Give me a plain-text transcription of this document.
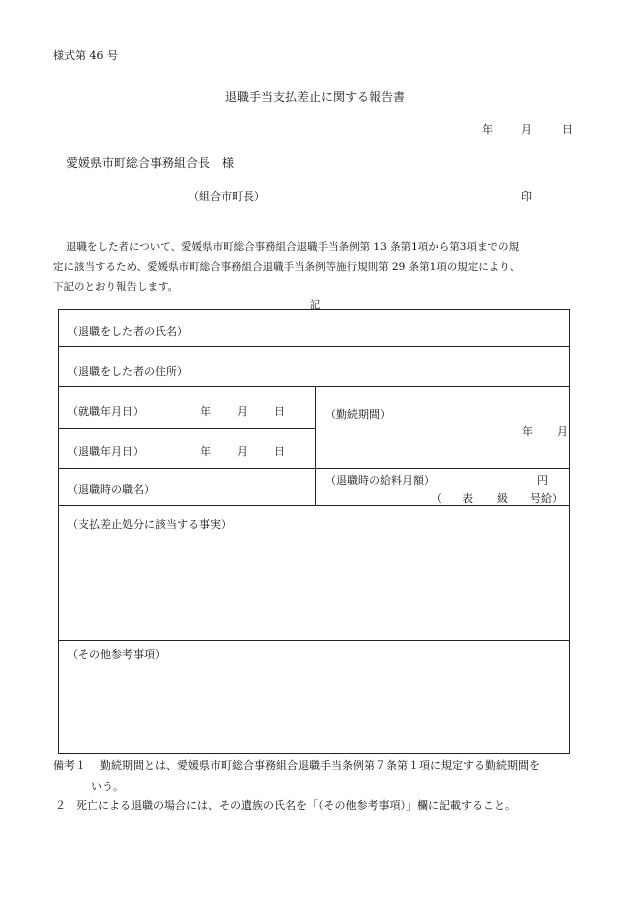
様式第 46 号
退職手当支払差止に関する報告書
年	月	日
愛媛県市町総合事務組合長　様
（組合市町長）	印
退職をした者について、愛媛県市町総合事務組合退職手当条例第 13 条第1項から第3項までの規
定に該当するため、愛媛県市町総合事務組合退職手当条例等施行規則第 29 条第1項の規定により、
下記のとおり報告します。
記
（退職をした者の氏名）
（退職をした者の住所）
（就職年月日）	年 月 日
（退職年月日）	年 月 日
（勤続期間）
年 月
（退職時の職名）
（退職時の給料月額）	円
（ 表 級 号給）
（支払差止処分に該当する事実）
（その他参考事項）
備考１ 勤続期間とは、愛媛県市町総合事務組合退職手当条例第７条第１項に規定する勤続期間を
いう。
２ 死亡による退職の場合には、その遺族の氏名を「（その他参考事項）」欄に記載すること。
